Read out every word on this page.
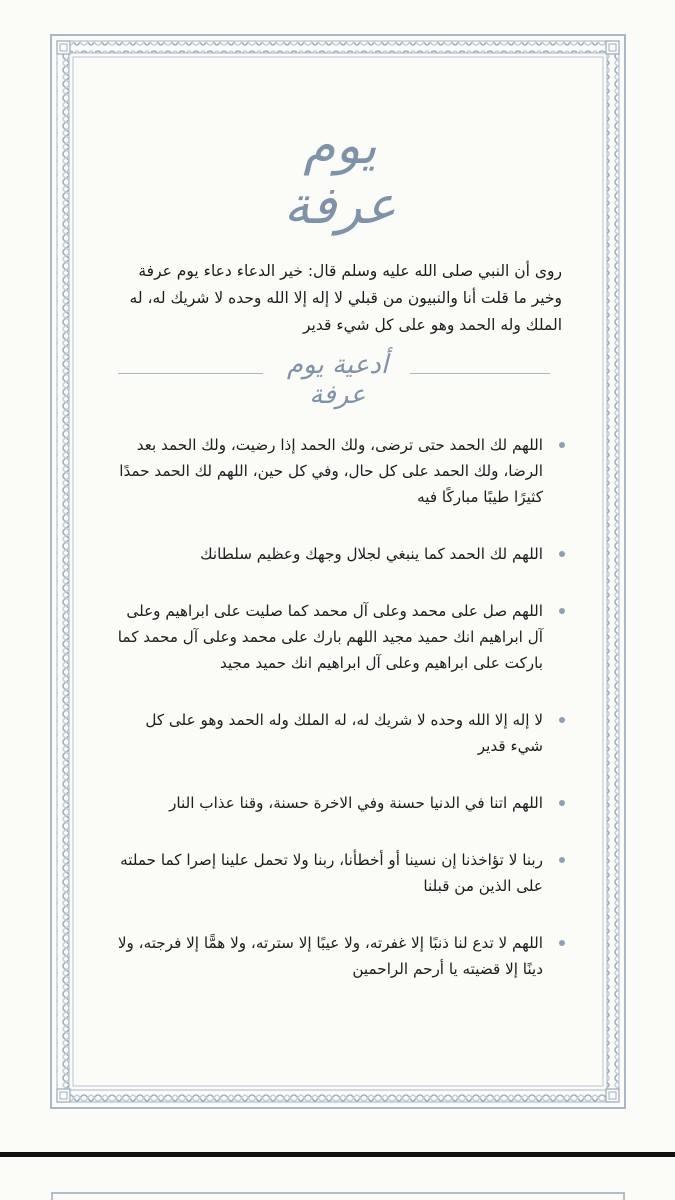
يوم عرفة

روى أن النبي صلى الله عليه وسلم قال: خير الدعاء دعاء يوم عرفة وخير ما قلت أنا والنبيون من قبلي لا إله إلا الله وحده لا شريك له، له الملك وله الحمد وهو على كل شيء قدير

أدعية يوم عرفة
اللهم لك الحمد حتى ترضى، ولك الحمد إذا رضيت، ولك الحمد بعد الرضا، ولك الحمد على كل حال، وفي كل حين، اللهم لك الحمد حمدًا كثيرًا طيبًا مباركًا فيه
اللهم لك الحمد كما ينبغي لجلال وجهك وعظيم سلطانك
اللهم صل على محمد وعلى آل محمد كما صليت على ابراهيم وعلى آل ابراهيم انك حميد مجيد اللهم بارك على محمد وعلى آل محمد كما باركت على ابراهيم وعلى آل ابراهيم انك حميد مجيد
لا إله إلا الله وحده لا شريك له، له الملك وله الحمد وهو على كل شيء قدير
اللهم اتنا في الدنيا حسنة وفي الاخرة حسنة، وقنا عذاب النار
ربنا لا تؤاخذنا إن نسينا أو أخطأنا، ربنا ولا تحمل علينا إصرا كما حملته على الذين من قبلنا
اللهم لا تدع لنا ذنبًا إلا غفرته، ولا عيبًا إلا سترته، ولا همًّا إلا فرجته، ولا دينًا إلا قضيته يا أرحم الراحمين
